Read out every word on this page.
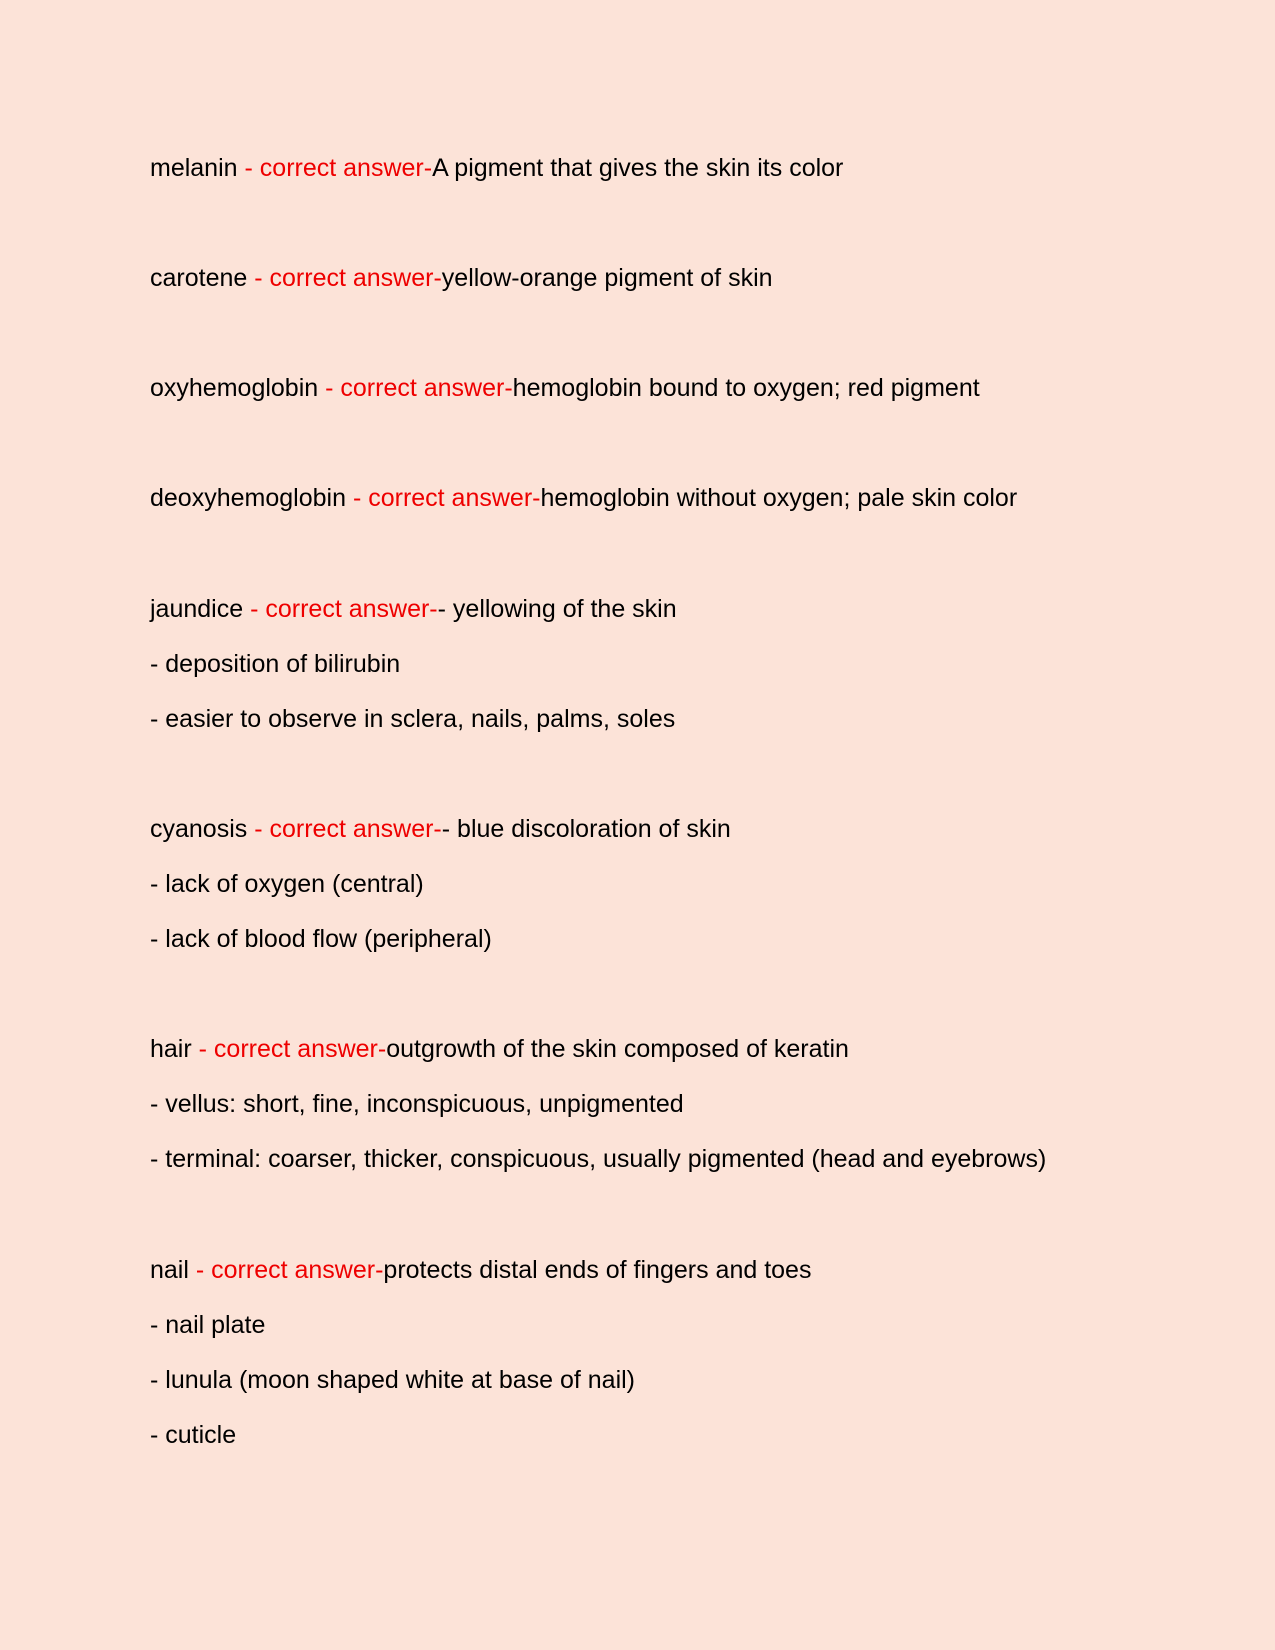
melanin - correct answer-A pigment that gives the skin its color
carotene - correct answer-yellow-orange pigment of skin
oxyhemoglobin - correct answer-hemoglobin bound to oxygen; red pigment
deoxyhemoglobin - correct answer-hemoglobin without oxygen; pale skin color
jaundice - correct answer-- yellowing of the skin
- deposition of bilirubin
- easier to observe in sclera, nails, palms, soles
cyanosis - correct answer-- blue discoloration of skin
- lack of oxygen (central)
- lack of blood flow (peripheral)
hair - correct answer-outgrowth of the skin composed of keratin
- vellus: short, fine, inconspicuous, unpigmented
- terminal: coarser, thicker, conspicuous, usually pigmented (head and eyebrows)
nail - correct answer-protects distal ends of fingers and toes
- nail plate
- lunula (moon shaped white at base of nail)
- cuticle
